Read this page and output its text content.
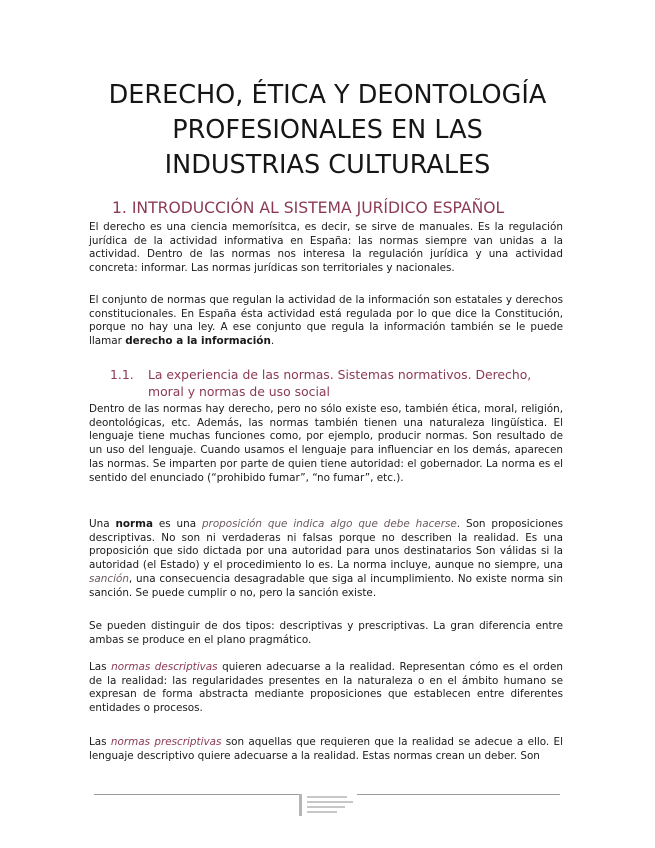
DERECHO, ÉTICA Y DEONTOLOGÍA
PROFESIONALES EN LAS
INDUSTRIAS CULTURALES
1. INTRODUCCIÓN AL SISTEMA JURÍDICO ESPAÑOL
El derecho es una ciencia memorísitca, es decir, se sirve de manuales. Es la regulación jurídica de la actividad informativa en España: las normas siempre van unidas a la actividad. Dentro de las normas nos interesa la regulación jurídica y una actividad concreta: informar. Las normas jurídicas son territoriales y nacionales.
El conjunto de normas que regulan la actividad de la información son estatales y derechos constitucionales. En España ésta actividad está regulada por lo que dice la Constitución, porque no hay una ley. A ese conjunto que regula la información también se le puede llamar derecho a la información.
1.1. La experiencia de las normas. Sistemas normativos. Derecho,
moral y normas de uso social
Dentro de las normas hay derecho, pero no sólo existe eso, también ética, moral, religión, deontológicas, etc. Además, las normas también tienen una naturaleza lingüística. El lenguaje tiene muchas funciones como, por ejemplo, producir normas. Son resultado de un uso del lenguaje. Cuando usamos el lenguaje para influenciar en los demás, aparecen las normas. Se imparten por parte de quien tiene autoridad: el gobernador. La norma es el sentido del enunciado (“prohibido fumar”, “no fumar”, etc.).
Una norma es una proposición que indica algo que debe hacerse. Son proposiciones descriptivas. No son ni verdaderas ni falsas porque no describen la realidad. Es una proposición que sido dictada por una autoridad para unos destinatarios Son válidas si la autoridad (el Estado) y el procedimiento lo es. La norma incluye, aunque no siempre, una sanción, una consecuencia desagradable que siga al incumplimiento. No existe norma sin sanción. Se puede cumplir o no, pero la sanción existe.
Se pueden distinguir de dos tipos: descriptivas y prescriptivas. La gran diferencia entre ambas se produce en el plano pragmático.
Las normas descriptivas quieren adecuarse a la realidad. Representan cómo es el orden de la realidad: las regularidades presentes en la naturaleza o en el ámbito humano se expresan de forma abstracta mediante proposiciones que establecen entre diferentes entidades o procesos.
Las normas prescriptivas son aquellas que requieren que la realidad se adecue a ello. El lenguaje descriptivo quiere adecuarse a la realidad. Estas normas crean un deber. Son
